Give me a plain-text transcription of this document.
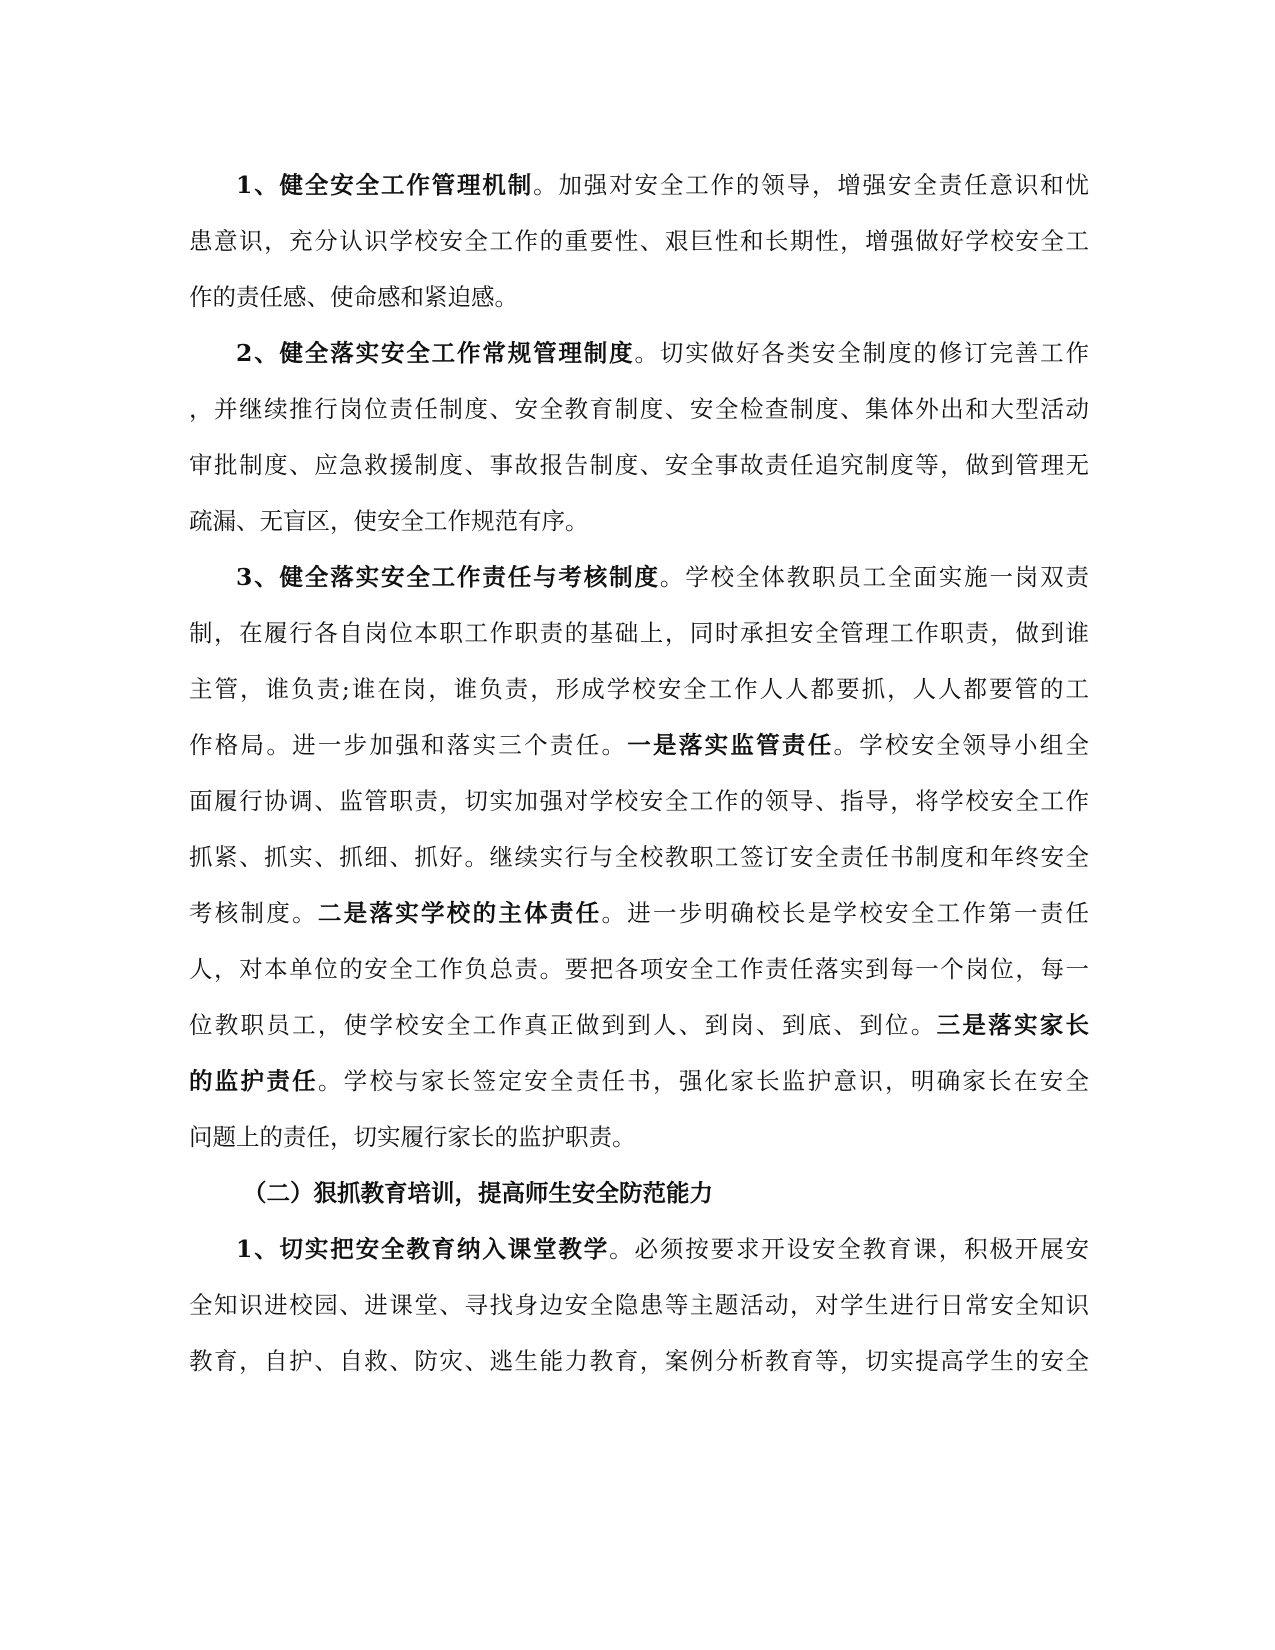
1、健全安全工作管理机制。加强对安全工作的领导，增强安全责任意识和忧
患意识，充分认识学校安全工作的重要性、艰巨性和长期性，增强做好学校安全工
作的责任感、使命感和紧迫感。
2、健全落实安全工作常规管理制度。切实做好各类安全制度的修订完善工作
，并继续推行岗位责任制度、安全教育制度、安全检查制度、集体外出和大型活动
审批制度、应急救援制度、事故报告制度、安全事故责任追究制度等，做到管理无
疏漏、无盲区，使安全工作规范有序。
3、健全落实安全工作责任与考核制度。学校全体教职员工全面实施一岗双责
制，在履行各自岗位本职工作职责的基础上，同时承担安全管理工作职责，做到谁
主管，谁负责;谁在岗，谁负责，形成学校安全工作人人都要抓，人人都要管的工
作格局。进一步加强和落实三个责任。一是落实监管责任。学校安全领导小组全
面履行协调、监管职责，切实加强对学校安全工作的领导、指导，将学校安全工作
抓紧、抓实、抓细、抓好。继续实行与全校教职工签订安全责任书制度和年终安全
考核制度。二是落实学校的主体责任。进一步明确校长是学校安全工作第一责任
人，对本单位的安全工作负总责。要把各项安全工作责任落实到每一个岗位，每一
位教职员工，使学校安全工作真正做到到人、到岗、到底、到位。三是落实家长
的监护责任。学校与家长签定安全责任书，强化家长监护意识，明确家长在安全
问题上的责任，切实履行家长的监护职责。
（二）狠抓教育培训，提高师生安全防范能力
1、切实把安全教育纳入课堂教学。必须按要求开设安全教育课，积极开展安
全知识进校园、进课堂、寻找身边安全隐患等主题活动，对学生进行日常安全知识
教育，自护、自救、防灾、逃生能力教育，案例分析教育等，切实提高学生的安全
